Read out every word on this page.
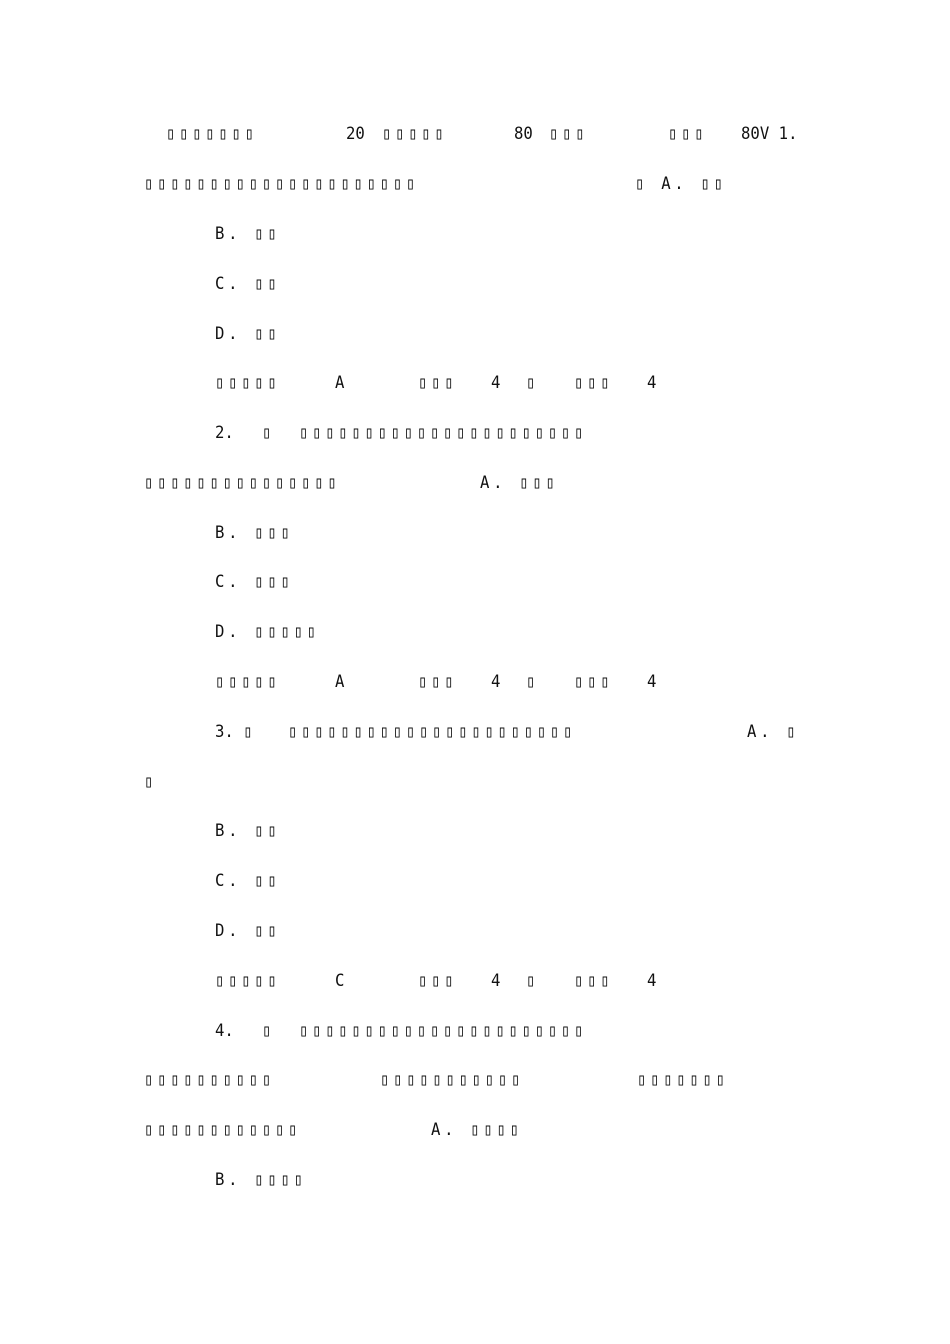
▯▯▯▯▯▯▯	20 ▯▯▯▯▯	80 ▯▯▯	▯▯▯ 80V 1.
▯▯▯▯▯▯▯▯▯▯▯▯▯▯▯▯▯▯▯▯▯	▯ A. ▯▯
B. ▯▯
C. ▯▯
D. ▯▯
▯▯▯▯▯	A	▯▯▯ 4 ▯ ▯▯▯ 4
2. ▯ ▯▯▯▯▯▯▯▯▯▯▯▯▯▯▯▯▯▯▯▯▯▯
▯▯▯▯▯▯▯▯▯▯▯▯▯▯▯	A. ▯▯▯
B. ▯▯▯
C. ▯▯▯
D. ▯▯▯▯▯
▯▯▯▯▯	A	▯▯▯ 4 ▯ ▯▯▯ 4
3. ▯ ▯▯▯▯▯▯▯▯▯▯▯▯▯▯▯▯▯▯▯▯▯▯	A. ▯
▯
B. ▯▯
C. ▯▯
D. ▯▯
▯▯▯▯▯	C	▯▯▯ 4 ▯ ▯▯▯ 4
4. ▯ ▯▯▯▯▯▯▯▯▯▯▯▯▯▯▯▯▯▯▯▯▯▯
▯▯▯▯▯▯▯▯▯▯	▯▯▯▯▯▯▯▯▯▯▯	▯▯▯▯▯▯▯
▯▯▯▯▯▯▯▯▯▯▯▯	A. ▯▯▯▯
B. ▯▯▯▯
